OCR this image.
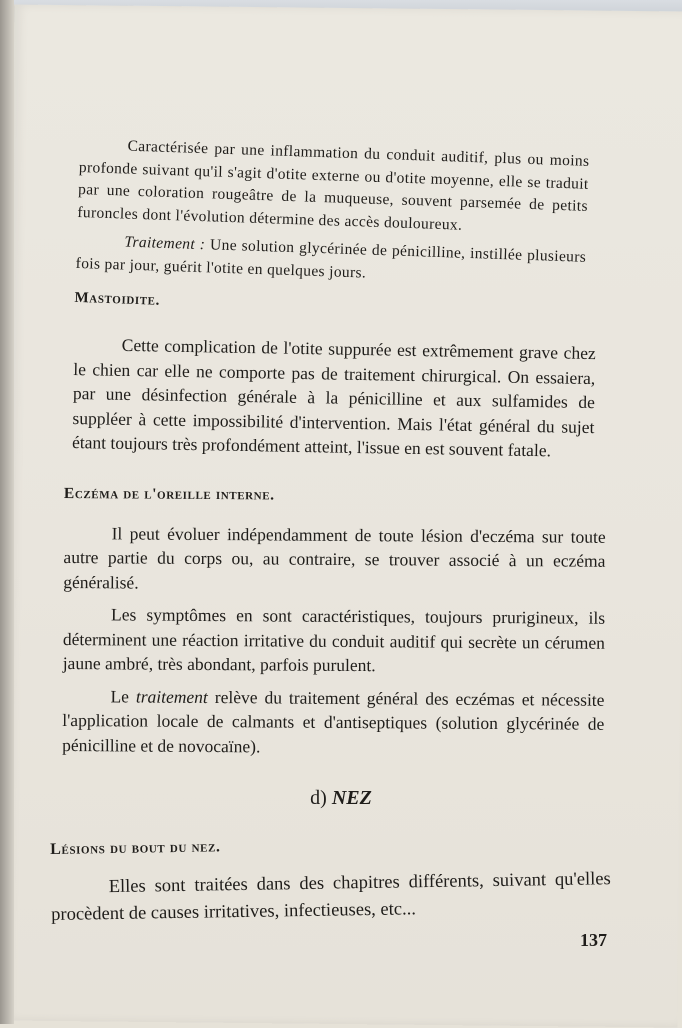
Caractérisée par une inflammation du conduit auditif, plus ou moins profonde suivant qu'il s'agit d'otite externe ou d'otite moyenne, elle se traduit par une coloration rougeâtre de la muqueuse, souvent parsemée de petits furoncles dont l'évolution détermine des accès douloureux.

Traitement : Une solution glycérinée de pénicilline, instillée plusieurs fois par jour, guérit l'otite en quelques jours.

Mastoidite.

Cette complication de l'otite suppurée est extrêmement grave chez le chien car elle ne comporte pas de traitement chirurgical. On essaiera, par une désinfection générale à la pénicilline et aux sulfamides de suppléer à cette impossibilité d'intervention. Mais l'état général du sujet étant toujours très profondément atteint, l'issue en est souvent fatale.

Eczéma de l'oreille interne.

Il peut évoluer indépendamment de toute lésion d'eczéma sur toute autre partie du corps ou, au contraire, se trouver associé à un eczéma généralisé.

Les symptômes en sont caractéristiques, toujours prurigineux, ils déterminent une réaction irritative du conduit auditif qui secrète un cérumen jaune ambré, très abondant, parfois purulent.

Le traitement relève du traitement général des eczémas et nécessite l'application locale de calmants et d'antiseptiques (solution glycérinée de pénicilline et de novocaïne).

d) NEZ
Lésions du bout du nez.

Elles sont traitées dans des chapitres différents, suivant qu'elles procèdent de causes irritatives, infectieuses, etc...

137
